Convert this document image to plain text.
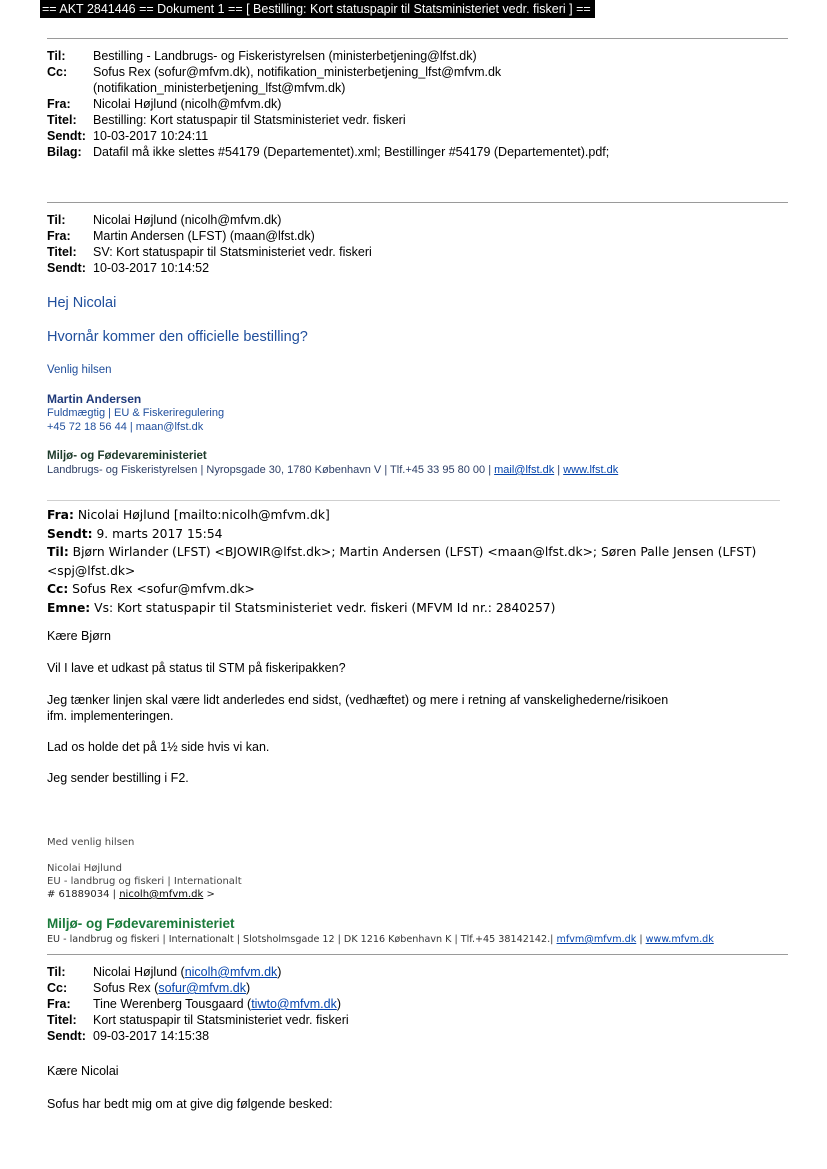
== AKT 2841446 == Dokument 1 == [ Bestilling: Kort statuspapir til Statsministeriet vedr. fiskeri ] ==
Til:	Bestilling - Landbrugs- og Fiskeristyrelsen (ministerbetjening@lfst.dk)
Cc:	Sofus Rex (sofur@mfvm.dk), notifikation_ministerbetjening_lfst@mfvm.dk
(notifikation_ministerbetjening_lfst@mfvm.dk)
Fra:	Nicolai Højlund (nicolh@mfvm.dk)
Titel:	Bestilling: Kort statuspapir til Statsministeriet vedr. fiskeri
Sendt: 10-03-2017 10:24:11
Bilag: Datafil må ikke slettes #54179 (Departementet).xml; Bestillinger #54179 (Departementet).pdf;
Til:	Nicolai Højlund (nicolh@mfvm.dk)
Fra:	Martin Andersen (LFST) (maan@lfst.dk)
Titel:	SV: Kort statuspapir til Statsministeriet vedr. fiskeri
Sendt: 10-03-2017 10:14:52
Hej Nicolai
Hvornår kommer den officielle bestilling?
Venlig hilsen
Martin Andersen
Fuldmægtig | EU & Fiskeriregulering
+45 72 18 56 44 | maan@lfst.dk
Miljø- og Fødevareministeriet
Landbrugs- og Fiskeristyrelsen | Nyropsgade 30, 1780 København V | Tlf.+45 33 95 80 00 | mail@lfst.dk | www.lfst.dk
Fra: Nicolai Højlund [mailto:nicolh@mfvm.dk]
Sendt: 9. marts 2017 15:54
Til: Bjørn Wirlander (LFST) <BJOWIR@lfst.dk>; Martin Andersen (LFST) <maan@lfst.dk>; Søren Palle Jensen (LFST)
<spj@lfst.dk>
Cc: Sofus Rex <sofur@mfvm.dk>
Emne: Vs: Kort statuspapir til Statsministeriet vedr. fiskeri (MFVM Id nr.: 2840257)
Kære Bjørn
Vil I lave et udkast på status til STM på fiskeripakken?
Jeg tænker linjen skal være lidt anderledes end sidst, (vedhæftet) og mere i retning af vanskelighederne/risikoen
ifm. implementeringen.
Lad os holde det på 1½ side hvis vi kan.
Jeg sender bestilling i F2.
Med venlig hilsen
Nicolai Højlund
EU - landbrug og fiskeri | Internationalt
# 61889034 | nicolh@mfvm.dk >
Miljø- og Fødevareministeriet
EU - landbrug og fiskeri | Internationalt | Slotsholmsgade 12 | DK 1216 København K | Tlf.+45 38142142.| mfvm@mfvm.dk | www.mfvm.dk
Til:	Nicolai Højlund (nicolh@mfvm.dk)
Cc:	Sofus Rex (sofur@mfvm.dk)
Fra:	Tine Werenberg Tousgaard (tiwto@mfvm.dk)
Titel:	Kort statuspapir til Statsministeriet vedr. fiskeri
Sendt: 09-03-2017 14:15:38
Kære Nicolai
Sofus har bedt mig om at give dig følgende besked:
